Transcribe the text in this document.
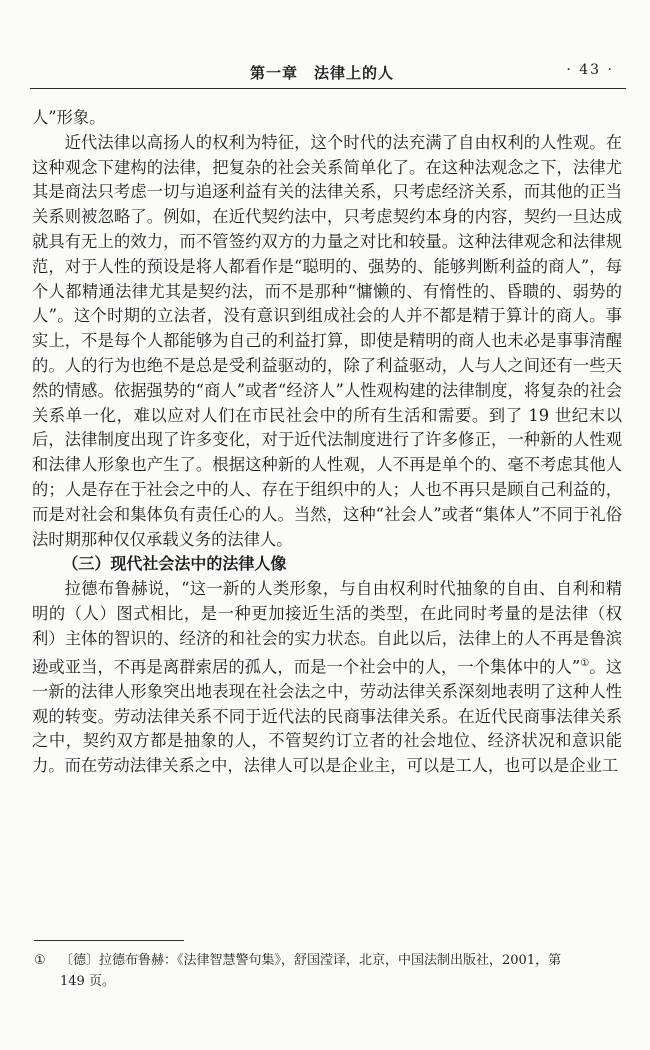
第一章　法律上的人	· 43 ·

人”形象。

近代法律以高扬人的权利为特征，这个时代的法充满了自由权利的人性观。在这种观念下建构的法律，把复杂的社会关系简单化了。在这种法观念之下，法律尤其是商法只考虑一切与追逐利益有关的法律关系，只考虑经济关系，而其他的正当关系则被忽略了。例如，在近代契约法中，只考虑契约本身的内容，契约一旦达成就具有无上的效力，而不管签约双方的力量之对比和较量。这种法律观念和法律规范，对于人性的预设是将人都看作是“聪明的、强势的、能够判断利益的商人”，每个人都精通法律尤其是契约法，而不是那种“慵懒的、有惰性的、昏聩的、弱势的人”。这个时期的立法者，没有意识到组成社会的人并不都是精于算计的商人。事实上，不是每个人都能够为自己的利益打算，即使是精明的商人也未必是事事清醒的。人的行为也绝不是总是受利益驱动的，除了利益驱动，人与人之间还有一些天然的情感。依据强势的“商人”或者“经济人”人性观构建的法律制度，将复杂的社会关系单一化，难以应对人们在市民社会中的所有生活和需要。到了 19 世纪末以后，法律制度出现了许多变化，对于近代法制度进行了许多修正，一种新的人性观和法律人形象也产生了。根据这种新的人性观，人不再是单个的、毫不考虑其他人的；人是存在于社会之中的人、存在于组织中的人；人也不再只是顾自己利益的，而是对社会和集体负有责任心的人。当然，这种“社会人”或者“集体人”不同于礼俗法时期那种仅仅承载义务的法律人。

（三）现代社会法中的法律人像

拉德布鲁赫说，“这一新的人类形象，与自由权利时代抽象的自由、自利和精明的（人）图式相比，是一种更加接近生活的类型，在此同时考量的是法律（权利）主体的智识的、经济的和社会的实力状态。自此以后，法律上的人不再是鲁滨逊或亚当，不再是离群索居的孤人，而是一个社会中的人，一个集体中的人”①。这一新的法律人形象突出地表现在社会法之中，劳动法律关系深刻地表明了这种人性观的转变。劳动法律关系不同于近代法的民商事法律关系。在近代民商事法律关系之中，契约双方都是抽象的人，不管契约订立者的社会地位、经济状况和意识能力。而在劳动法律关系之中，法律人可以是企业主，可以是工人，也可以是企业工

① 〔德〕拉德布鲁赫：《法律智慧警句集》，舒国滢译，北京，中国法制出版社，2001，第
149 页。
